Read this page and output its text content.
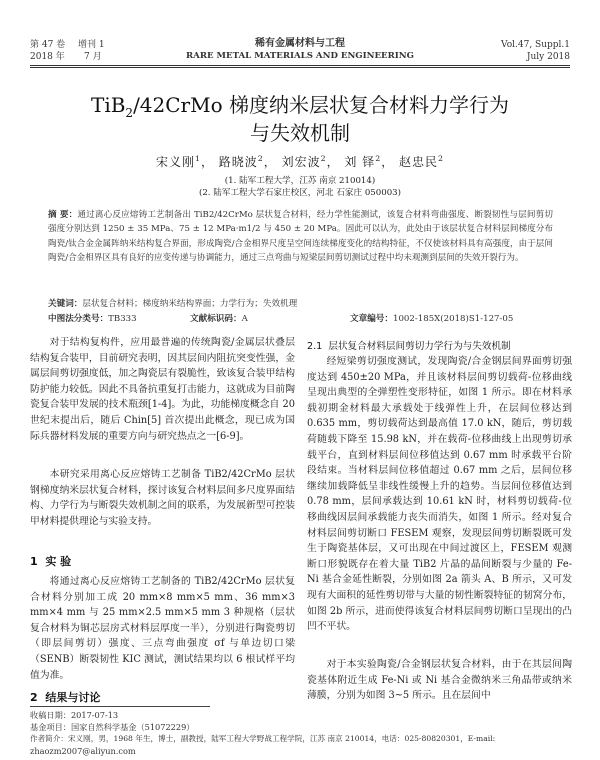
第 47 卷 增刊 1
2018 年 7 月
稀有金属材料与工程
RARE METAL MATERIALS AND ENGINEERING
Vol.47, Suppl.1
July 2018
TiB$_2$/42CrMo 梯度纳米层状复合材料力学行为
与失效机制
宋义刚$^1$， 路晓波$^2$， 刘宏波$^2$， 刘 铎$^2$， 赵忠民$^2$
(1. 陆军工程大学，江苏 南京 210014)
(2. 陆军工程大学石家庄校区，河北 石家庄 050003)
摘 要：通过离心反应熔铸工艺制备出 TiB2/42CrMo 层状复合材料，经力学性能测试，该复合材料弯曲强度、断裂韧性与层间剪切强度分别达到 1250 ± 35 MPa、75 ± 12 MPa·m1/2 与 450 ± 20 MPa。固此可以认为，此处由于该层状复合材料层间梯度分布陶瓷/钛合金金属阵纳米结构复合界面，形成陶瓷/合金相界尺度呈空间连续梯度变化的结构特征，不仅使该材料具有高强度，由于层间陶瓷/合金相界区具有良好的应变传递与协调能力，通过三点弯曲与短梁层间剪切测试过程中均未观测到层间的失效开裂行为。
关键词：层状复合材料；梯度纳米结构界面；力学行为；失效机理
中图法分类号：TB333	文献标识码：A	文章编号：1002-185X(2018)S1-127-05

对于结构复构件，应用最普遍的传统陶瓷/金属层状叠层结构复合装甲，目前研究表明，因其层间内阻抗突变性强，金属层间剪切强度低，加之陶瓷层有裂脆性，致该复合装甲结构防护能力较低。因此不具备抗重复打击能力，这就成为目前陶瓷复合装甲发展的技术瓶颈[1-4]。为此，功能梯度概念自 20 世纪末提出后，随后 Chin[5] 首次提出此概念，现已成为国际兵器材料发展的重要方向与研究热点之一[6-9]。

本研究采用离心反应熔铸工艺制备 TiB2/42CrMo 层状钢梯度纳米层状复合材料，探讨该复合材料层间多尺度界面结构、力学行为与断裂失效机制之间的联系，为发展新型可控装甲材料提供理论与实验支持。

1 实 验

将通过离心反应熔铸工艺制备的 TiB2/42CrMo 层状复合材料分别加工成 20 mm×8 mm×5 mm、36 mm×3 mm×4 mm 与 25 mm×2.5 mm×5 mm 3 种规格（层状复合材料为铜芯层房式材料层厚度一半），分别进行陶瓷剪切（即层间剪切）强度、三点弯曲强度 σf 与单边切口梁（SENB）断裂韧性 KIC 测试，测试结果均以 6 根试样平均值为准。

2 结果与讨论
2.1 层状复合材料层间剪切力学行为与失效机制

经短梁剪切强度测试，发现陶瓷/合金钢层间界面剪切强度达到 450±20 MPa，并且该材料层间剪切载荷-位移曲线呈现出典型的全弹塑性变形特征，如图 1 所示。即在材料承载初期金材料最大承载处于线弹性上升，在层间位移达到 0.635 mm，剪切载荷达到最高值 17.0 kN，随后，剪切载荷随载下降至 15.98 kN，并在载荷-位移曲线上出现剪切承载平台，直到材料层间位移值达到 0.67 mm 时承载平台阶段结束。当材料层间位移值超过 0.67 mm 之后，层间位移继续加载降低呈非线性缓慢上升的趋势。当层间位移值达到 0.78 mm，层间承载达到 10.61 kN 时，材料剪切载荷-位移曲线因层间承载能力丧失而消失，如图 1 所示。经对复合材料层间剪切断口 FESEM 观察，发现层间剪切断裂既可发生于陶瓷基体层，又可出现在中间过渡区上，FESEM 观测断口形貌既存在着大量 TiB2 片晶的晶间断裂与少量的 Fe-Ni 基合金延性断裂，分别如图 2a 箭头 A、B 所示，又可发现有大面积的延性剪切带与大量的韧性断裂特征的韧窝分布，如图 2b 所示，进而使得该复合材料层间剪切断口呈现出的凸凹不平状。

对于本实验陶瓷/合金钢层状复合材料，由于在其层间陶瓷基体附近生成 Fe-Ni 或 Ni 基合金微纳米三角晶带或纳米薄膜，分别为如图 3~5 所示。且在层间中

收稿日期：2017-07-13
基金项目：国家自然科学基金（51072229）
作者简介：宋义刚，男，1968 年生，博士，副教授，陆军工程大学野战工程学院，江苏 南京 210014，电话：025-80820301，E-mail:
zhaozm2007@aliyun.com
